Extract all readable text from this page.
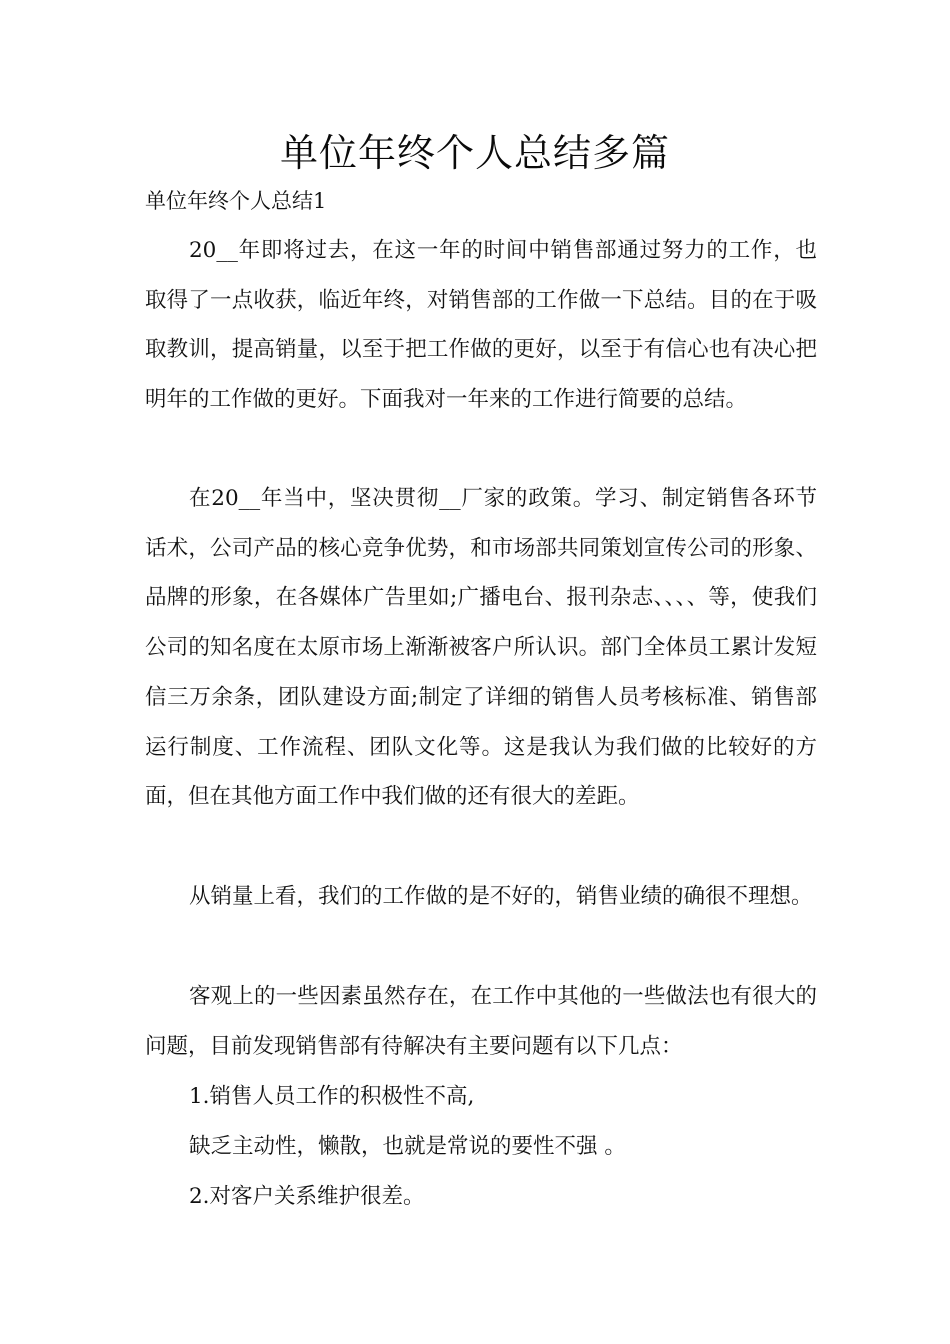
单位年终个人总结多篇
单位年终个人总结1

20__年即将过去，在这一年的时间中销售部通过努力的工作，也取得了一点收获，临近年终，对销售部的工作做一下总结。目的在于吸取教训，提高销量，以至于把工作做的更好，以至于有信心也有决心把明年的工作做的更好。下面我对一年来的工作进行简要的总结。

在20__年当中，坚决贯彻__厂家的政策。学习、制定销售各环节话术，公司产品的核心竞争优势，和市场部共同策划宣传公司的形象、品牌的形象，在各媒体广告里如;广播电台、报刊杂志、、、、等，使我们公司的知名度在太原市场上渐渐被客户所认识。部门全体员工累计发短信三万余条，团队建设方面;制定了详细的销售人员考核标准、销售部运行制度、工作流程、团队文化等。这是我认为我们做的比较好的方面，但在其他方面工作中我们做的还有很大的差距。

从销量上看，我们的工作做的是不好的，销售业绩的确很不理想。

客观上的一些因素虽然存在，在工作中其他的一些做法也有很大的问题，目前发现销售部有待解决有主要问题有以下几点：

1.销售人员工作的积极性不高,
缺乏主动性，懒散，也就是常说的要性不强 。
2.对客户关系维护很差。
